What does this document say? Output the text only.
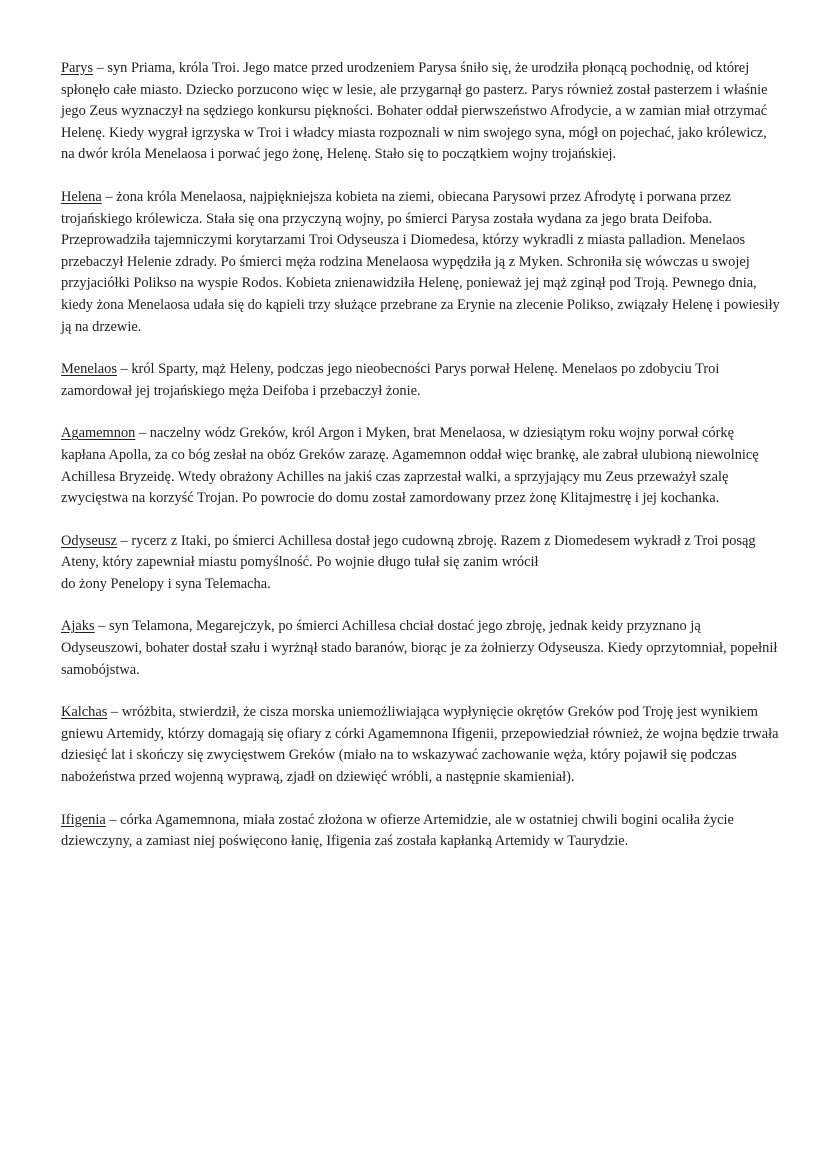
Parys – syn Priama, króla Troi. Jego matce przed urodzeniem Parysa śniło się, że urodziła płonącą pochodnię, od której spłonęło całe miasto. Dziecko porzucono więc w lesie, ale przygarnął go pasterz. Parys również został pasterzem i właśnie jego Zeus wyznaczył na sędziego konkursu piękności. Bohater oddał pierwszeństwo Afrodycie, a w zamian miał otrzymać Helenę. Kiedy wygrał igrzyska w Troi i władcy miasta rozpoznali w nim swojego syna, mógł on pojechać, jako królewicz, na dwór króla Menelaosa i porwać jego żonę, Helenę. Stało się to początkiem wojny trojańskiej.

Helena – żona króla Menelaosa, najpiękniejsza kobieta na ziemi, obiecana Parysowi przez Afrodytę i porwana przez trojańskiego królewicza. Stała się ona przyczyną wojny, po śmierci Parysa została wydana za jego brata Deifoba. Przeprowadziła tajemniczymi korytarzami Troi Odyseusza i Diomedesa, którzy wykradli z miasta palladion. Menelaos przebaczył Helenie zdrady. Po śmierci męża rodzina Menelaosa wypędziła ją z Myken. Schroniła się wówczas u swojej przyjaciółki Polikso na wyspie Rodos. Kobieta znienawidziła Helenę, ponieważ jej mąż zginął pod Troją. Pewnego dnia, kiedy żona Menelaosa udała się do kąpieli trzy służące przebrane za Erynie na zlecenie Polikso, związały Helenę i powiesiły ją na drzewie.

Menelaos – król Sparty, mąż Heleny, podczas jego nieobecności Parys porwał Helenę. Menelaos po zdobyciu Troi zamordował jej trojańskiego męża Deifoba i przebaczył żonie.

Agamemnon – naczelny wódz Greków, król Argon i Myken, brat Menelaosa, w dziesiątym roku wojny porwał córkę kapłana Apolla, za co bóg zesłał na obóz Greków zarazę. Agamemnon oddał więc brankę, ale zabrał ulubioną niewolnicę Achillesa Bryzeidę. Wtedy obrażony Achilles na jakiś czas zaprzestał walki, a sprzyjający mu Zeus przeważył szalę zwycięstwa na korzyść Trojan. Po powrocie do domu został zamordowany przez żonę Klitajmestrę i jej kochanka.

Odyseusz – rycerz z Itaki, po śmierci Achillesa dostał jego cudowną zbroję. Razem z Diomedesem wykradł z Troi posąg Ateny, który zapewniał miastu pomyślność. Po wojnie długo tułał się zanim wrócił
do żony Penelopy i syna Telemacha.

Ajaks – syn Telamona, Megarejczyk, po śmierci Achillesa chciał dostać jego zbroję, jednak keidy przyznano ją Odyseuszowi, bohater dostał szału i wyrżnął stado baranów, biorąc je za żołnierzy Odyseusza. Kiedy oprzytomniał, popełnił samobójstwa.

Kalchas – wróżbita, stwierdził, że cisza morska uniemożliwiająca wypłynięcie okrętów Greków pod Troję jest wynikiem gniewu Artemidy, którzy domagają się ofiary z córki Agamemnona Ifigenii, przepowiedział również, że wojna będzie trwała dziesięć lat i skończy się zwycięstwem Greków (miało na to wskazywać zachowanie węża, który pojawił się podczas nabożeństwa przed wojenną wyprawą, zjadł on dziewięć wróbli, a następnie skamieniał).

Ifigenia – córka Agamemnona, miała zostać złożona w ofierze Artemidzie, ale w ostatniej chwili bogini ocaliła życie dziewczyny, a zamiast niej poświęcono łanię, Ifigenia zaś została kapłanką Artemidy w Taurydzie.
